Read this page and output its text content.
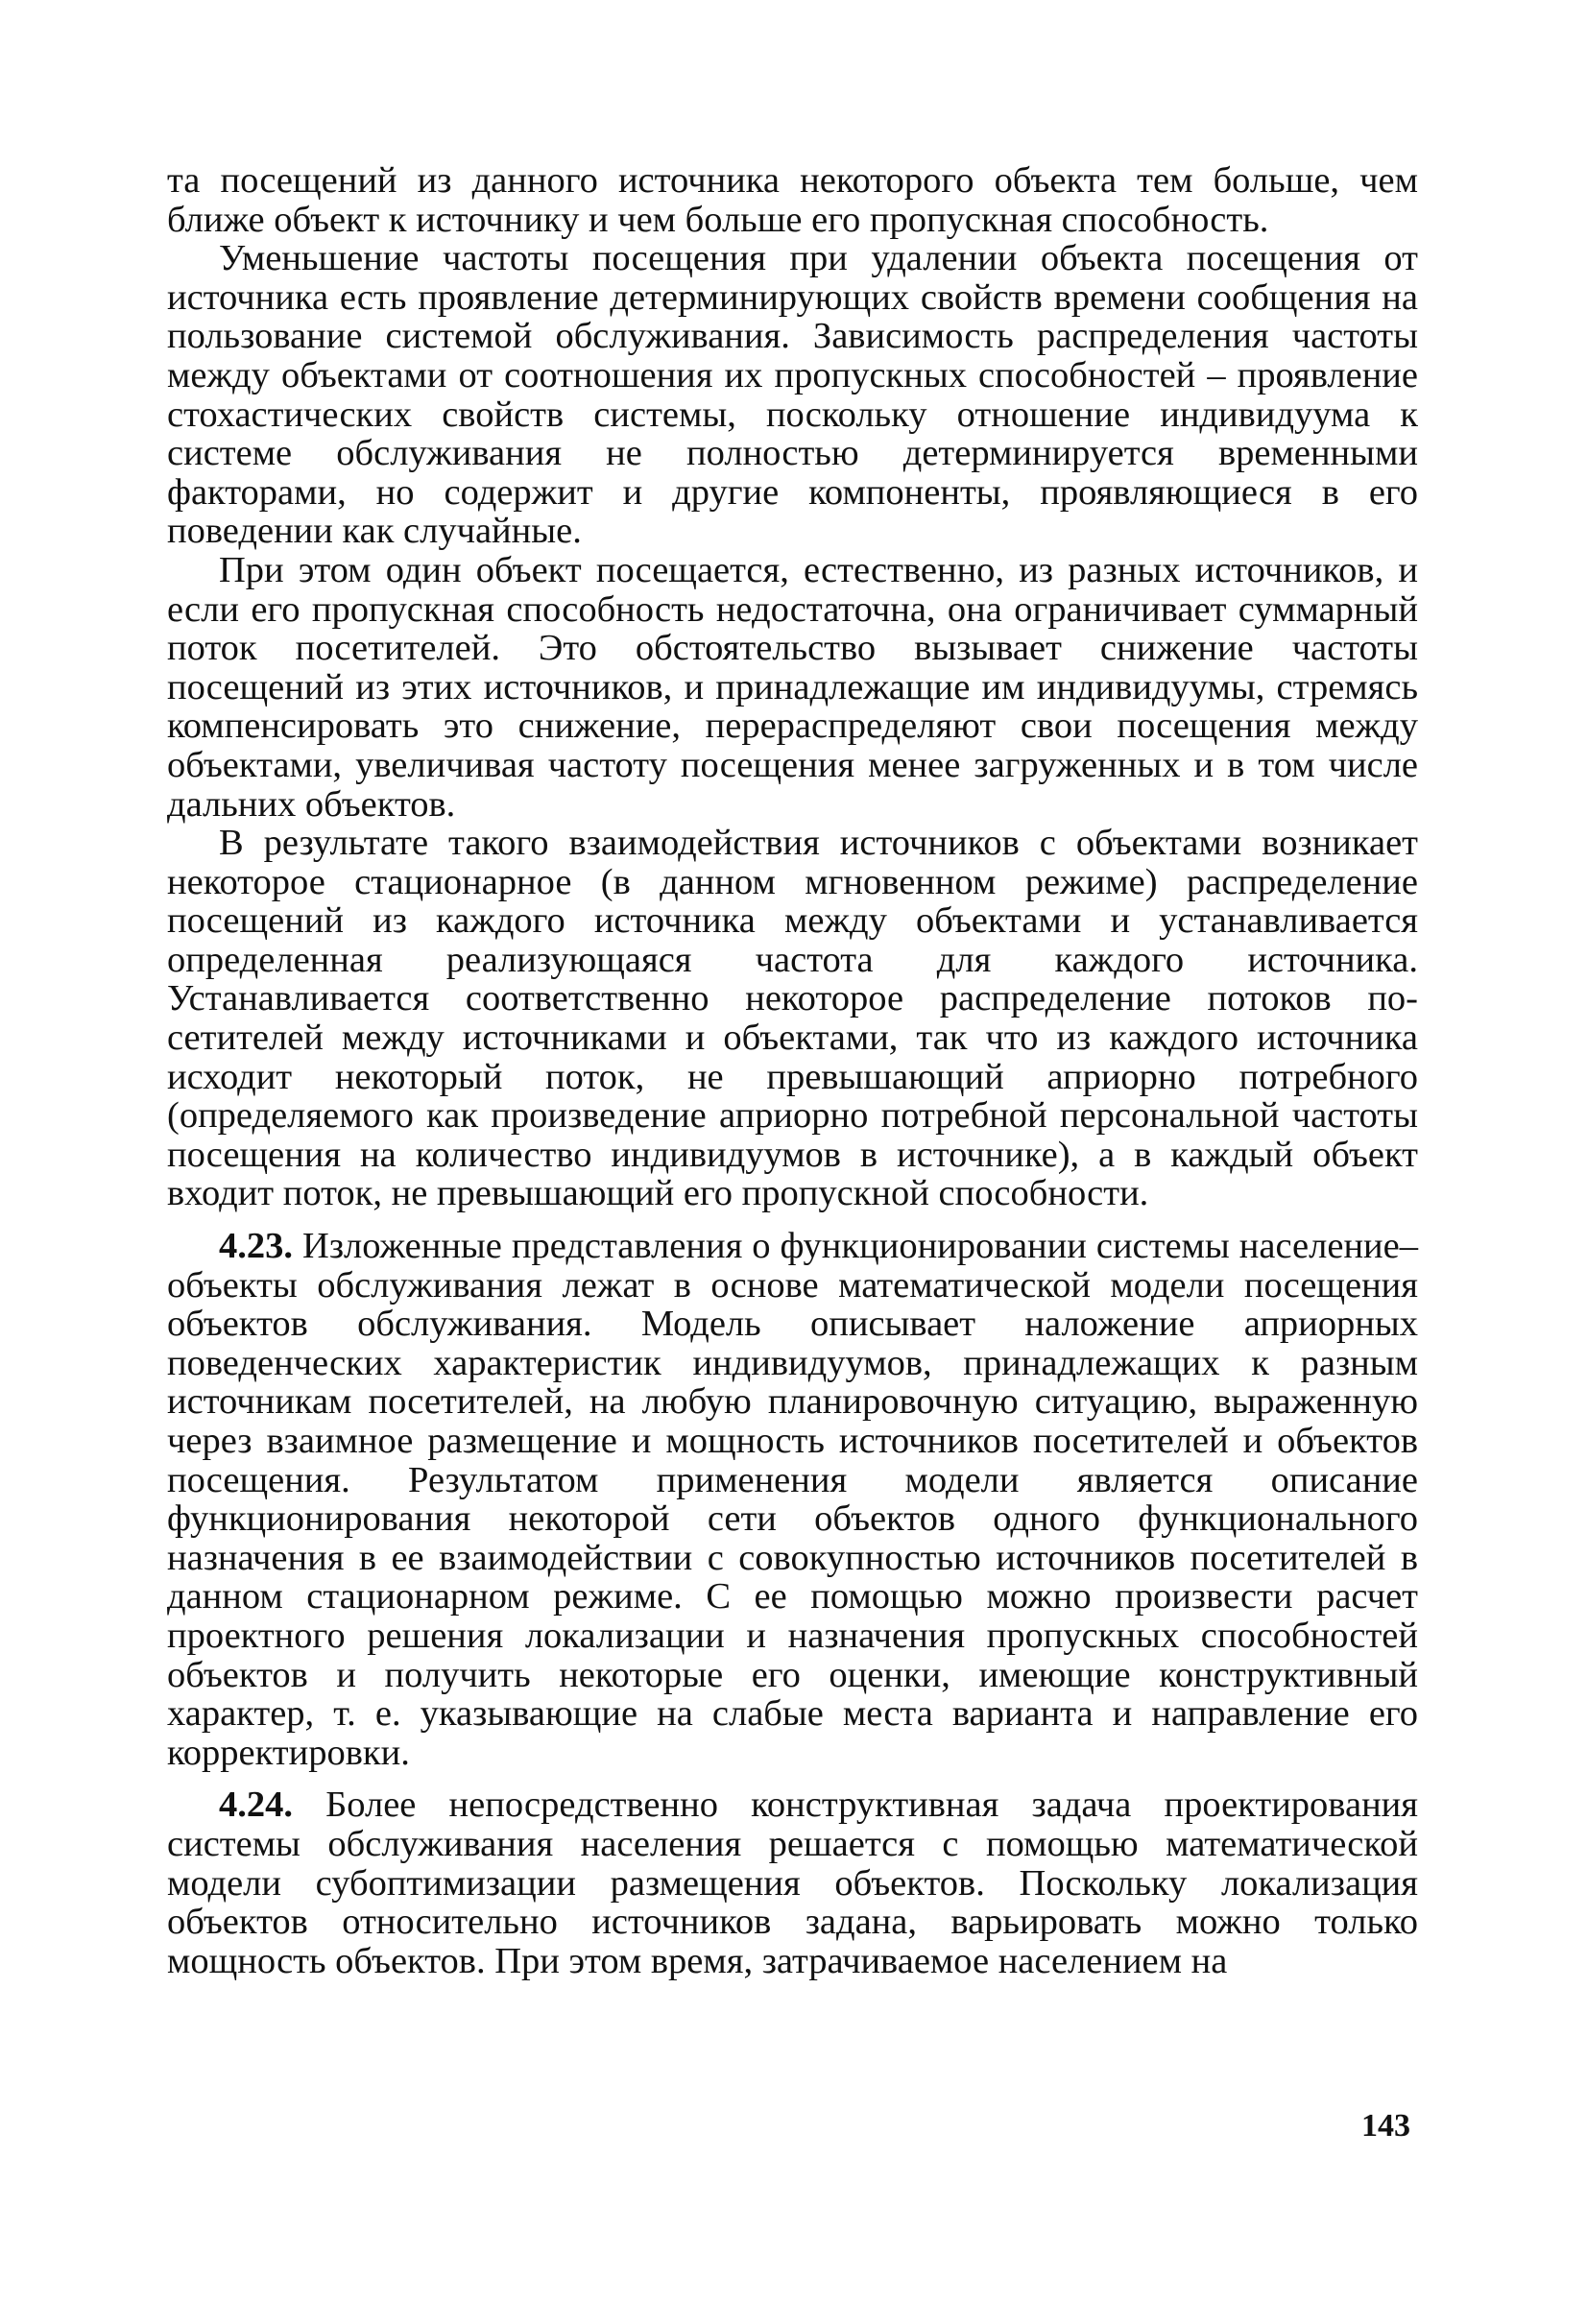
та посещений из данного источника некоторого объекта тем больше, чем ближе объект к источнику и чем больше его пропускная способность.

Уменьшение частоты посещения при удалении объекта посещения от источника есть проявление детерминирующих свойств времени сообщения на пользование системой обслуживания. Зависимость распределения частоты между объектами от соотношения их пропускных способностей – проявление стохастических свойств системы, поскольку отношение индивидуума к системе обслуживания не полностью детерминируется временными факторами, но содержит и другие компоненты, проявляющиеся в его поведении как случайные.

При этом один объект посещается, естественно, из разных источников, и если его пропускная способность недостаточна, она ограничивает суммарный поток посетителей. Это обстоятельство вызывает снижение частоты посещений из этих источников, и принадлежащие им индивидуумы, стремясь компенсировать это снижение, перераспределяют свои посещения между объектами, увеличивая частоту посещения менее загруженных и в том числе дальних объектов.

В результате такого взаимодействия источников с объектами возникает некоторое стационарное (в данном мгновенном режиме) распределение посещений из каждого источника между объектами и устанавливается определенная реализующаяся частота для каждого источника. Устанавливается соответственно некоторое распределение потоков посетителей между источниками и объектами, так что из каждого источника исходит некоторый поток, не превышающий априорно потребного (определяемого как произведение априорно потребной персональной частоты посещения на количество индивидуумов в источнике), а в каждый объект входит поток, не превышающий его пропускной способности.

4.23. Изложенные представления о функционировании системы население–объекты обслуживания лежат в основе математической модели посещения объектов обслуживания. Модель описывает наложение априорных поведенческих характеристик индивидуумов, принадлежащих к разным источникам посетителей, на любую планировочную ситуацию, выраженную через взаимное размещение и мощность источников посетителей и объектов посещения. Результатом применения модели является описание функционирования некоторой сети объектов одного функционального назначения в ее взаимодействии с совокупностью источников посетителей в данном стационарном режиме. С ее помощью можно произвести расчет проектного решения локализации и назначения пропускных способностей объектов и получить некоторые его оценки, имеющие конструктивный характер, т. е. указывающие на слабые места варианта и направление его корректировки.

4.24. Более непосредственно конструктивная задача проектирования системы обслуживания населения решается с помощью математической модели субоптимизации размещения объектов. Поскольку локализация объектов относительно источников задана, варьировать можно только мощность объектов. При этом время, затрачиваемое населением на

143
